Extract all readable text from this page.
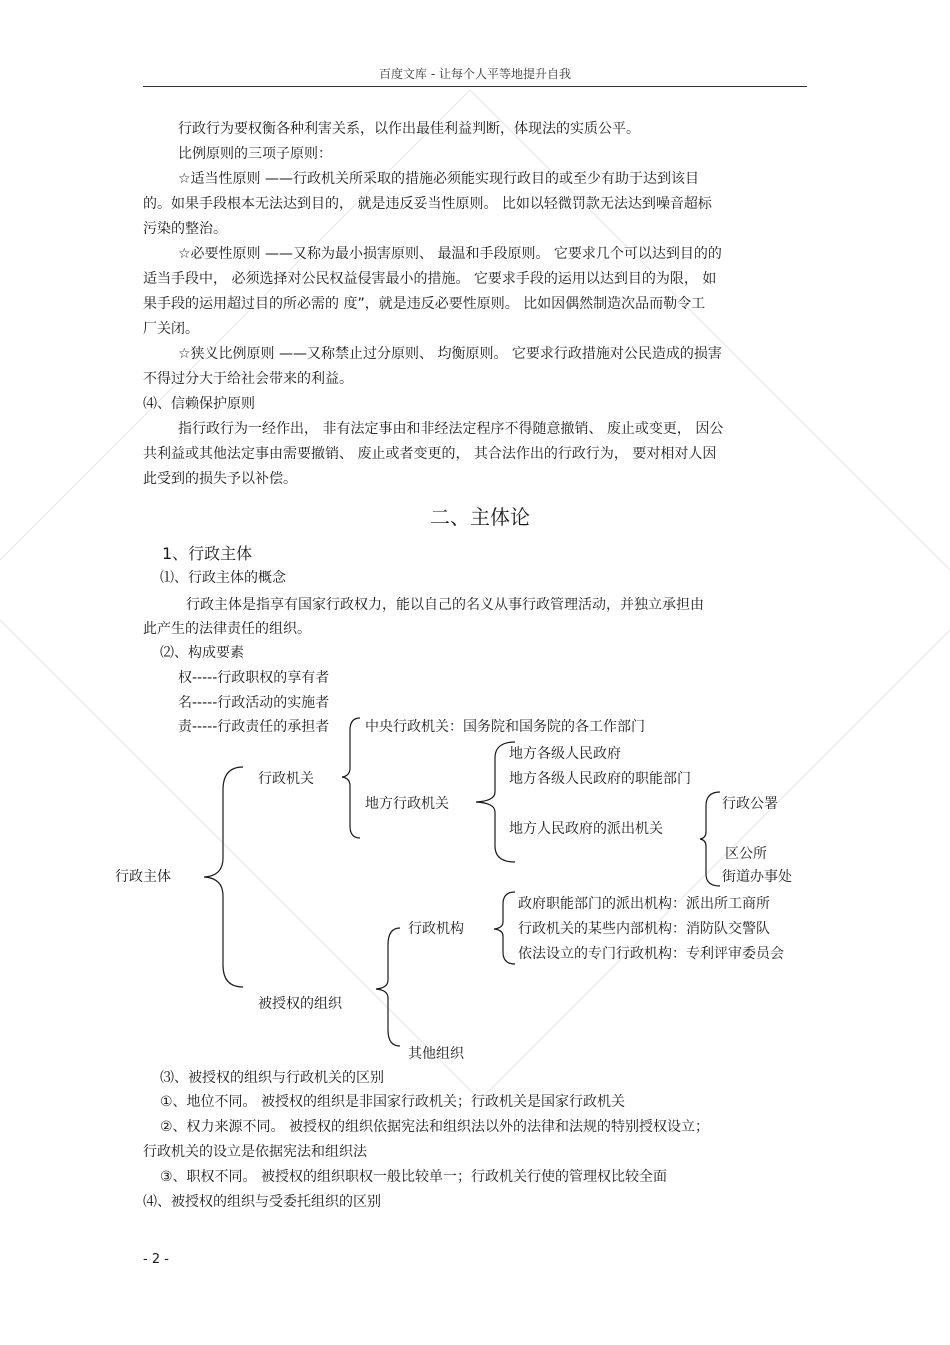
百度文库 - 让每个人平等地提升自我
行政行为要权衡各种利害关系，以作出最佳利益判断，体现法的实质公平。
比例原则的三项子原则：
☆适当性原则 ——行政机关所采取的措施必须能实现行政目的或至少有助于达到该目
的。如果手段根本无法达到目的， 就是违反妥当性原则。 比如以轻微罚款无法达到噪音超标
污染的整治。
☆必要性原则 ——又称为最小损害原则、 最温和手段原则。 它要求几个可以达到目的的
适当手段中， 必须选择对公民权益侵害最小的措施。 它要求手段的运用以达到目的为限， 如
果手段的运用超过目的所必需的 度”，就是违反必要性原则。 比如因偶然制造次品而勒令工
厂关闭。
☆狭义比例原则 ——又称禁止过分原则、 均衡原则。 它要求行政措施对公民造成的损害
不得过分大于给社会带来的利益。
⑷、信赖保护原则
指行政行为一经作出， 非有法定事由和非经法定程序不得随意撤销、 废止或变更， 因公
共利益或其他法定事由需要撤销、 废止或者变更的， 其合法作出的行政行为， 要对相对人因
此受到的损失予以补偿。
二、主体论
1、行政主体
⑴、行政主体的概念
行政主体是指享有国家行政权力，能以自己的名义从事行政管理活动，并独立承担由
此产生的法律责任的组织。
⑵、构成要素
权-----行政职权的享有者
名-----行政活动的实施者
责-----行政责任的承担者
行政主体
行政机关
中央行政机关：国务院和国务院的各工作部门
地方行政机关
地方各级人民政府
地方各级人民政府的职能部门
地方人民政府的派出机关
行政公署
区公所
街道办事处
被授权的组织
行政机构
政府职能部门的派出机构：派出所工商所
行政机关的某些内部机构：消防队交警队
依法设立的专门行政机构：专利评审委员会
其他组织
⑶、被授权的组织与行政机关的区别
①、地位不同。 被授权的组织是非国家行政机关；行政机关是国家行政机关
②、权力来源不同。 被授权的组织依据宪法和组织法以外的法律和法规的特别授权设立；
行政机关的设立是依据宪法和组织法
③、职权不同。 被授权的组织职权一般比较单一；行政机关行使的管理权比较全面
⑷、被授权的组织与受委托组织的区别
- 2 -
